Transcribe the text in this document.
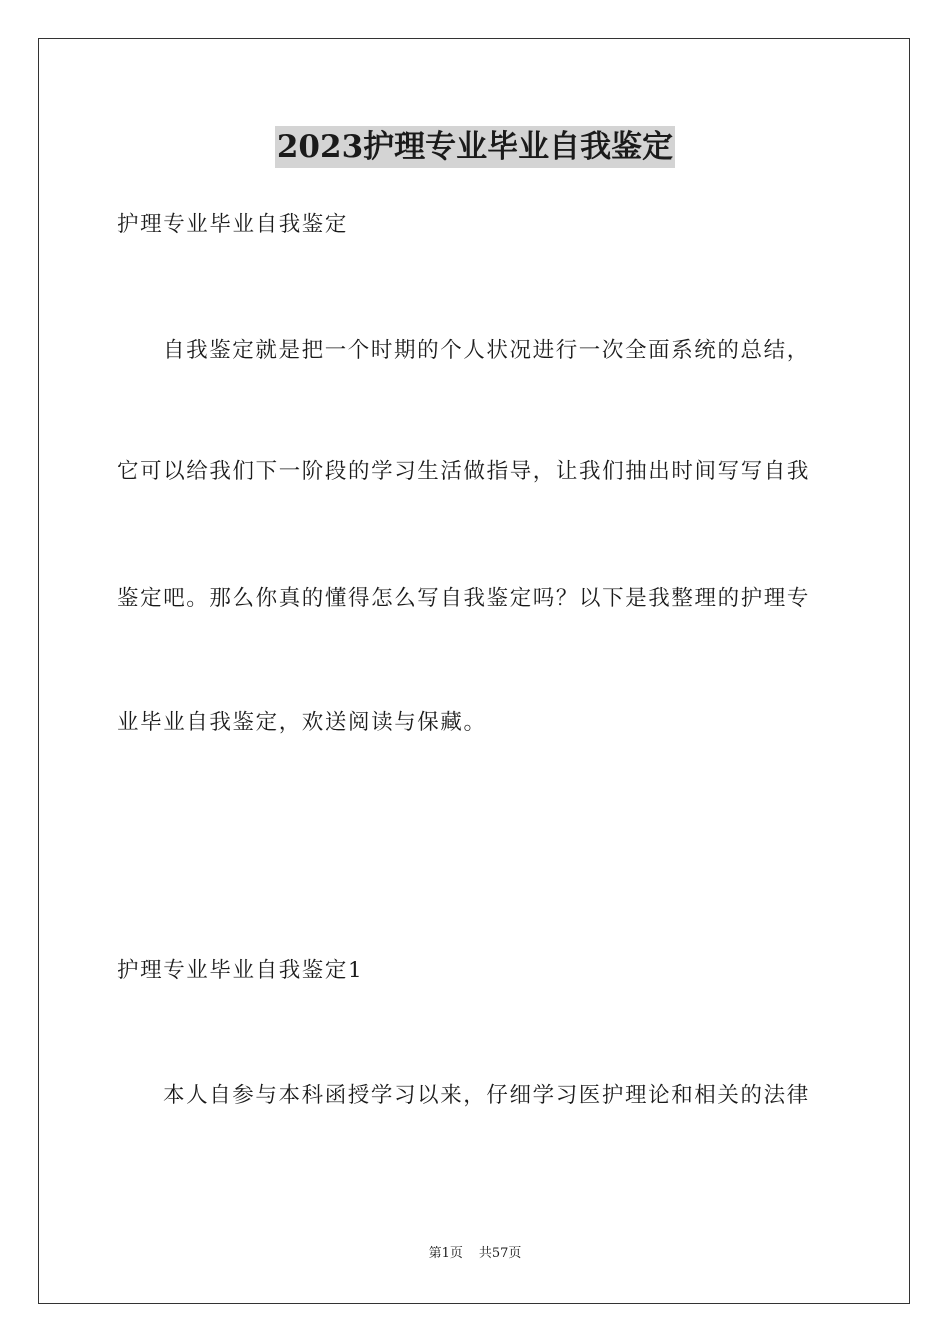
2023护理专业毕业自我鉴定
护理专业毕业自我鉴定
自我鉴定就是把一个时期的个人状况进行一次全面系统的总结，
它可以给我们下一阶段的学习生活做指导，让我们抽出时间写写自我
鉴定吧。那么你真的懂得怎么写自我鉴定吗？以下是我整理的护理专
业毕业自我鉴定，欢送阅读与保藏。
护理专业毕业自我鉴定1
本人自参与本科函授学习以来，仔细学习医护理论和相关的法律
第1页 共57页
